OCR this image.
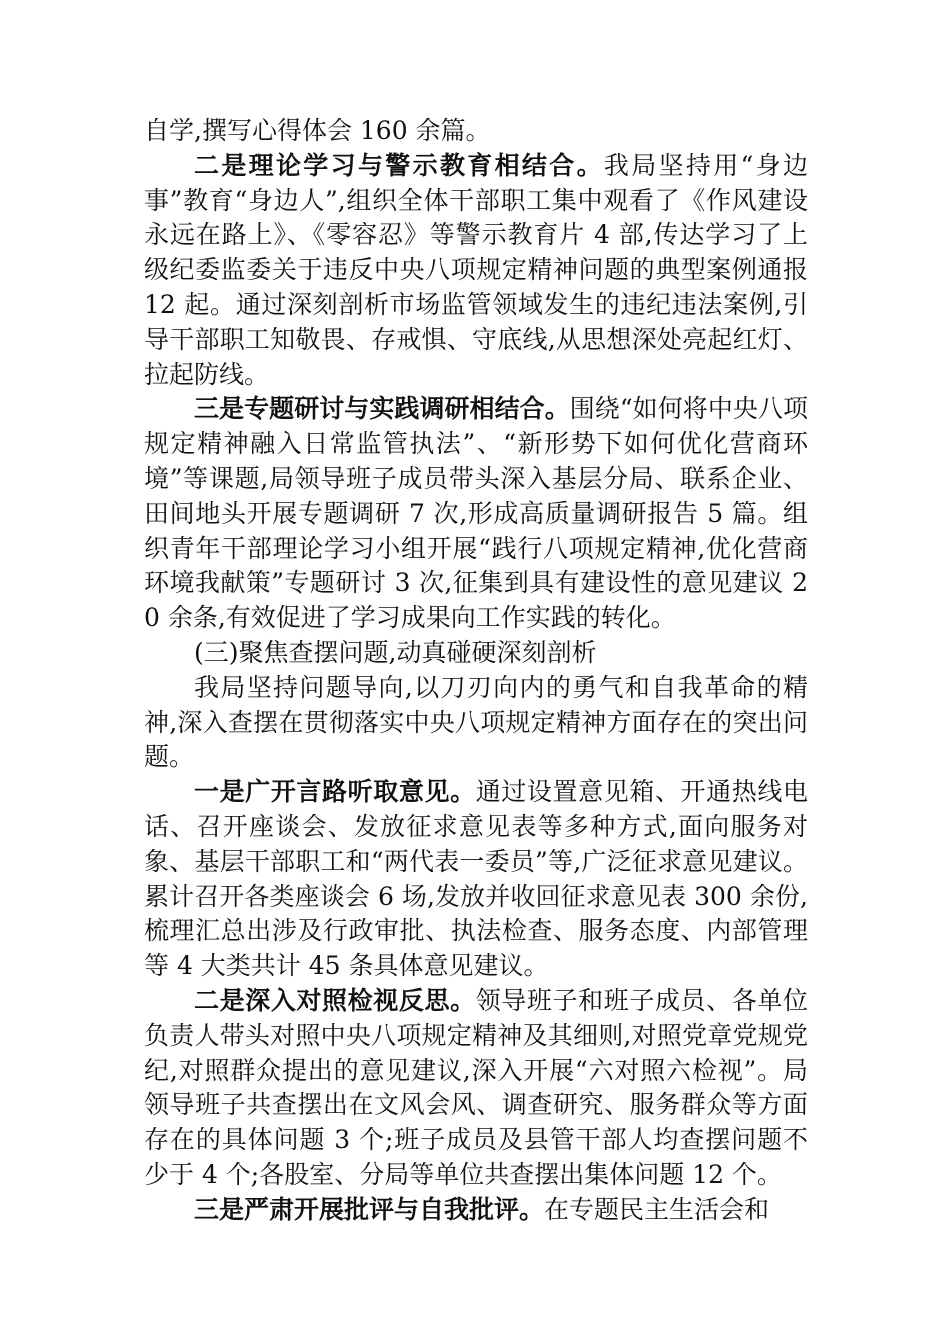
自学,撰写心得体会 160 余篇。

二是理论学习与警示教育相结合。我局坚持用“身边事”教育“身边人”,组织全体干部职工集中观看了《作风建设永远在路上》、《零容忍》等警示教育片 4 部,传达学习了上级纪委监委关于违反中央八项规定精神问题的典型案例通报 12 起。通过深刻剖析市场监管领域发生的违纪违法案例,引导干部职工知敬畏、存戒惧、守底线,从思想深处亮起红灯、拉起防线。

三是专题研讨与实践调研相结合。围绕“如何将中央八项规定精神融入日常监管执法”、“新形势下如何优化营商环境”等课题,局领导班子成员带头深入基层分局、联系企业、田间地头开展专题调研 7 次,形成高质量调研报告 5 篇。组织青年干部理论学习小组开展“践行八项规定精神,优化营商环境我献策”专题研讨 3 次,征集到具有建设性的意见建议 20 余条,有效促进了学习成果向工作实践的转化。

(三)聚焦查摆问题,动真碰硬深刻剖析

我局坚持问题导向,以刀刃向内的勇气和自我革命的精神,深入查摆在贯彻落实中央八项规定精神方面存在的突出问题。

一是广开言路听取意见。通过设置意见箱、开通热线电话、召开座谈会、发放征求意见表等多种方式,面向服务对象、基层干部职工和“两代表一委员”等,广泛征求意见建议。累计召开各类座谈会 6 场,发放并收回征求意见表 300 余份,梳理汇总出涉及行政审批、执法检查、服务态度、内部管理等 4 大类共计 45 条具体意见建议。

二是深入对照检视反思。领导班子和班子成员、各单位负责人带头对照中央八项规定精神及其细则,对照党章党规党纪,对照群众提出的意见建议,深入开展“六对照六检视”。局领导班子共查摆出在文风会风、调查研究、服务群众等方面存在的具体问题 3 个;班子成员及县管干部人均查摆问题不少于 4 个;各股室、分局等单位共查摆出集体问题 12 个。

三是严肃开展批评与自我批评。在专题民主生活会和
